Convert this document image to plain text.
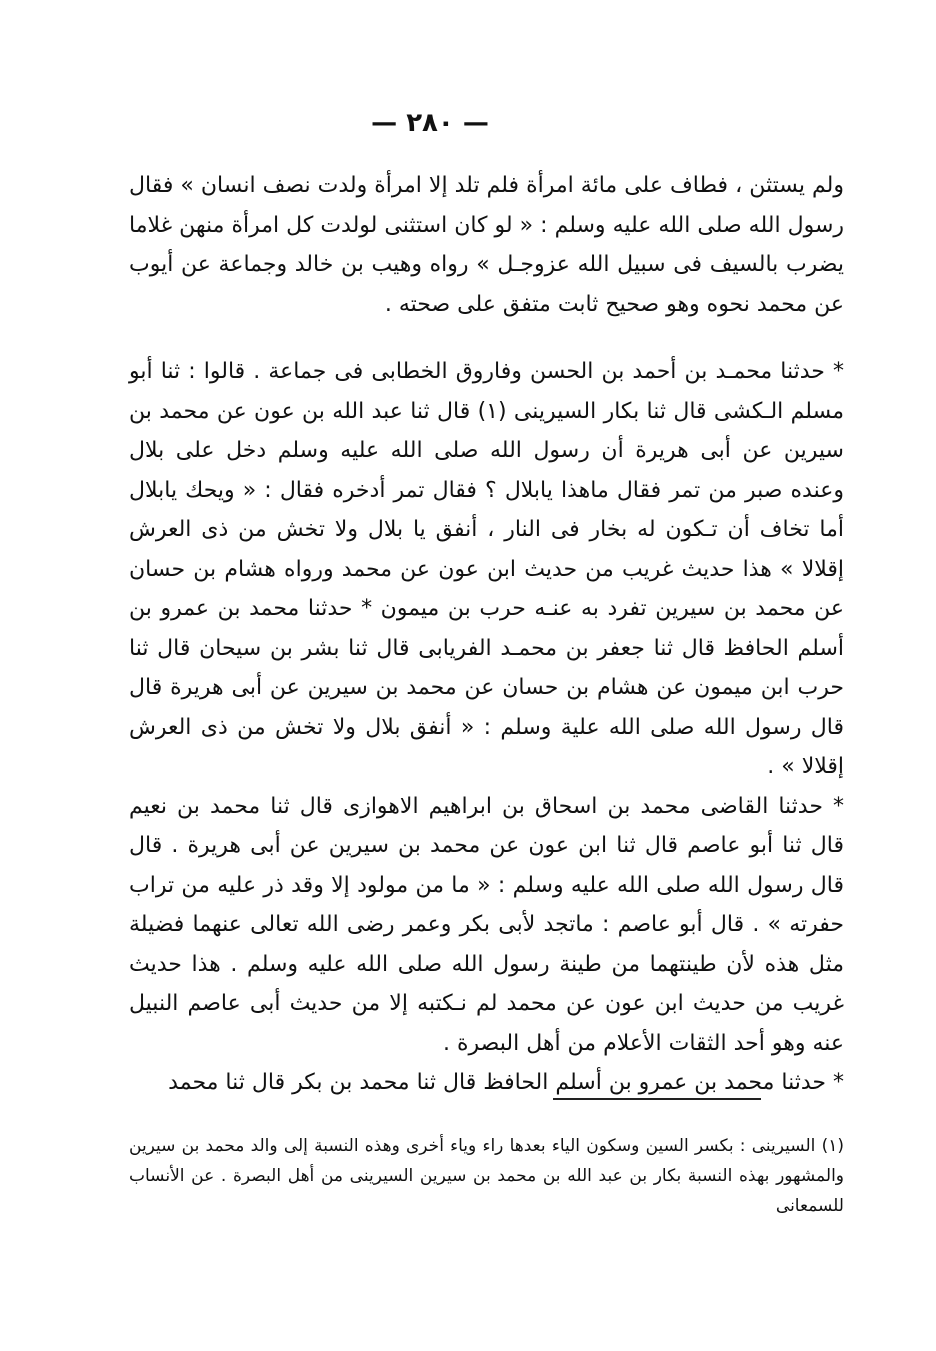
— ٢٨٠ —

ولم يستثن ، فطاف على مائة امرأة فلم تلد إلا امرأة ولدت نصف انسان » فقال رسول الله صلى الله عليه وسلم : « لو كان استثنى لولدت كل امرأة منهن غلاما يضرب بالسيف فى سبيل الله عزوجـل » رواه وهيب بن خالد وجماعة عن أيوب عن محمد نحوه وهو صحيح ثابت متفق على صحته .

* حدثنا محمـد بن أحمد بن الحسن وفاروق الخطابى فى جماعة . قالوا : ثنا أبو مسلم الـكشى قال ثنا بكار السيرينى (١) قال ثنا عبد الله بن عون عن محمد بن سيرين عن أبى هريرة أن رسول الله صلى الله عليه وسلم دخل على بلال وعنده صبر من تمر فقال ماهذا يابلال ؟ فقال تمر أدخره فقال : « ويحك يابلال أما تخاف أن تـكون له بخار فى النار ، أنفق يا بلال ولا تخش من ذى العرش إقلالا » هذا حديث غريب من حديث ابن عون عن محمد ورواه هشام بن حسان عن محمد بن سيرين تفرد به عنـه حرب بن ميمون * حدثنا محمد بن عمرو بن أسلم الحافظ قال ثنا جعفر بن محمـد الفريابى قال ثنا بشر بن سيحان قال ثنا حرب ابن ميمون عن هشام بن حسان عن محمد بن سيرين عن أبى هريرة قال قال رسول الله صلى الله علية وسلم : « أنفق بلال ولا تخش من ذى العرش إقلالا » .

* حدثنا القاضى محمد بن اسحاق بن ابراهيم الاهوازى قال ثنا محمد بن نعيم قال ثنا أبو عاصم قال ثنا ابن عون عن محمد بن سيرين عن أبى هريرة . قال قال رسول الله صلى الله عليه وسلم : « ما من مولود إلا وقد ذر عليه من تراب حفرته » . قال أبو عاصم : ماتجد لأبى بكر وعمر رضى الله تعالى عنهما فضيلة مثل هذه لأن طينتهما من طينة رسول الله صلى الله عليه وسلم . هذا حديث غريب من حديث ابن عون عن محمد لم نـكتبه إلا من حديث أبى عاصم النبيل عنه وهو أحد الثقات الأعلام من أهل البصرة .

* حدثنا محمد بن عمرو بن أسلم الحافظ قال ثنا محمد بن بكر قال ثنا محمد

(١) السيرينى : بكسر السين وسكون الياء بعدها راء وياء أخرى وهذه النسبة إلى والد محمد بن سيرين والمشهور بهذه النسبة بكار بن عبد الله بن محمد بن سيرين السيرينى من أهل البصرة . عن الأنساب للسمعانى
